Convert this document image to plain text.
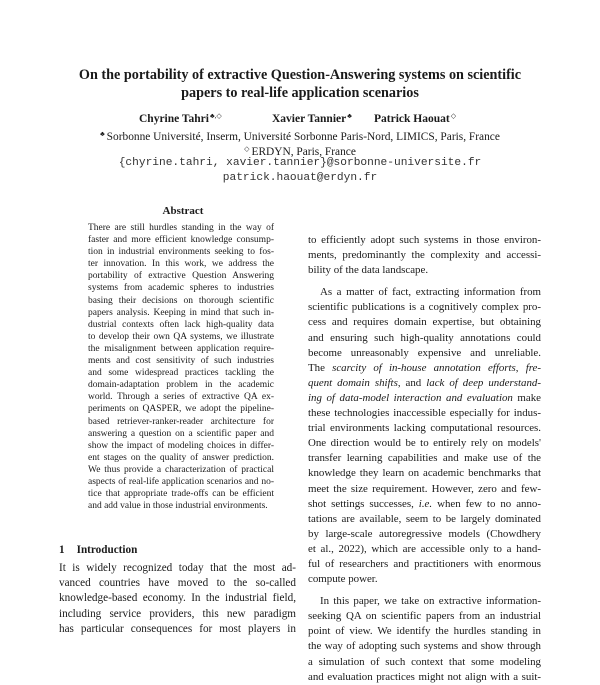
On the portability of extractive Question-Answering systems on scientific
papers to real-life application scenarios
Chyrine Tahri♣,◇	Xavier Tannier♣ Patrick Haouat◇
♣ Sorbonne Université, Inserm, Université Sorbonne Paris-Nord, LIMICS, Paris, France
◇ ERDYN, Paris, France
{chyrine.tahri, xavier.tannier}@sorbonne-universite.fr
patrick.haouat@erdyn.fr
Abstract
There are still hurdles standing in the way of
faster and more efficient knowledge consump-
tion in industrial environments seeking to fos-
ter innovation. In this work, we address the
portability of extractive Question Answering
systems from academic spheres to industries
basing their decisions on thorough scientific
papers analysis. Keeping in mind that such in-
dustrial contexts often lack high-quality data
to develop their own QA systems, we illustrate
the misalignment between application require-
ments and cost sensitivity of such industries
and some widespread practices tackling the
domain-adaptation problem in the academic
world. Through a series of extractive QA ex-
periments on QASPER, we adopt the pipeline-
based retriever-ranker-reader architecture for
answering a question on a scientific paper and
show the impact of modeling choices in differ-
ent stages on the quality of answer prediction.
We thus provide a characterization of practical
aspects of real-life application scenarios and no-
tice that appropriate trade-offs can be efficient
and add value in those industrial environments.
1 Introduction
It is widely recognized today that the most ad-
vanced countries have moved to the so-called
knowledge-based economy. In the industrial field,
including service providers, this new paradigm
has particular consequences for most players in
to efficiently adopt such systems in those environ-
ments, predominantly the complexity and accessi-
bility of the data landscape.
As a matter of fact, extracting information from
scientific publications is a cognitively complex pro-
cess and requires domain expertise, but obtaining
and ensuring such high-quality annotations could
become unreasonably expensive and unreliable.
The scarcity of in-house annotation efforts, fre-
quent domain shifts, and lack of deep understand-
ing of data-model interaction and evaluation make
these technologies inaccessible especially for indus-
trial environments lacking computational resources.
One direction would be to entirely rely on models'
transfer learning capabilities and make use of the
knowledge they learn on academic benchmarks that
meet the size requirement. However, zero and few-
shot settings successes, i.e. when few to no anno-
tations are available, seem to be largely dominated
by large-scale autoregressive models (Chowdhery
et al., 2022), which are accessible only to a hand-
ful of researchers and practitioners with enormous
compute power.
In this paper, we take on extractive information-
seeking QA on scientific papers from an industrial
point of view. We identify the hurdles standing in
the way of adopting such systems and show through
a simulation of such context that some modeling
and evaluation practices might not align with a suit-
